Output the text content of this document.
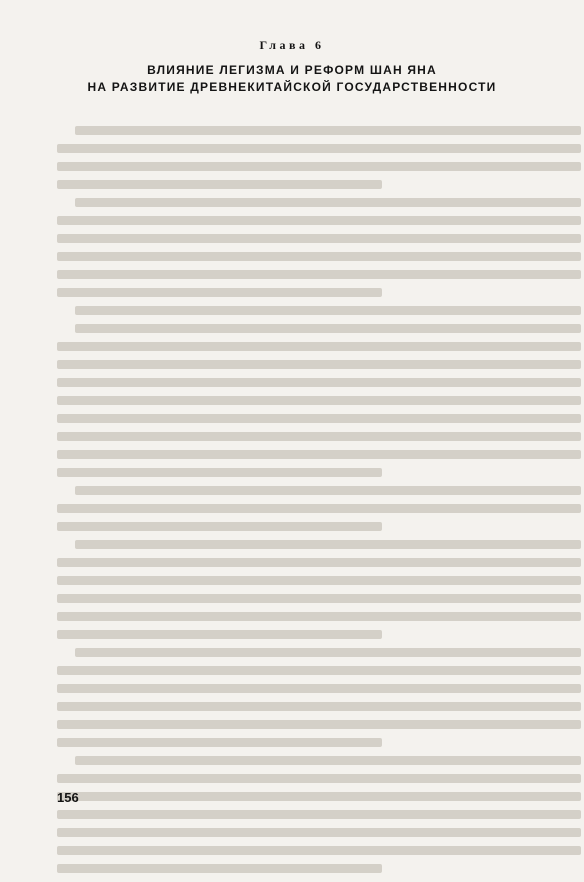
Глава 6
ВЛИЯНИЕ ЛЕГИЗМА И РЕФОРМ ШАН ЯНА
НА РАЗВИТИЕ ДРЕВНЕКИТАЙСКОЙ ГОСУДАРСТВЕННОСТИ
156
